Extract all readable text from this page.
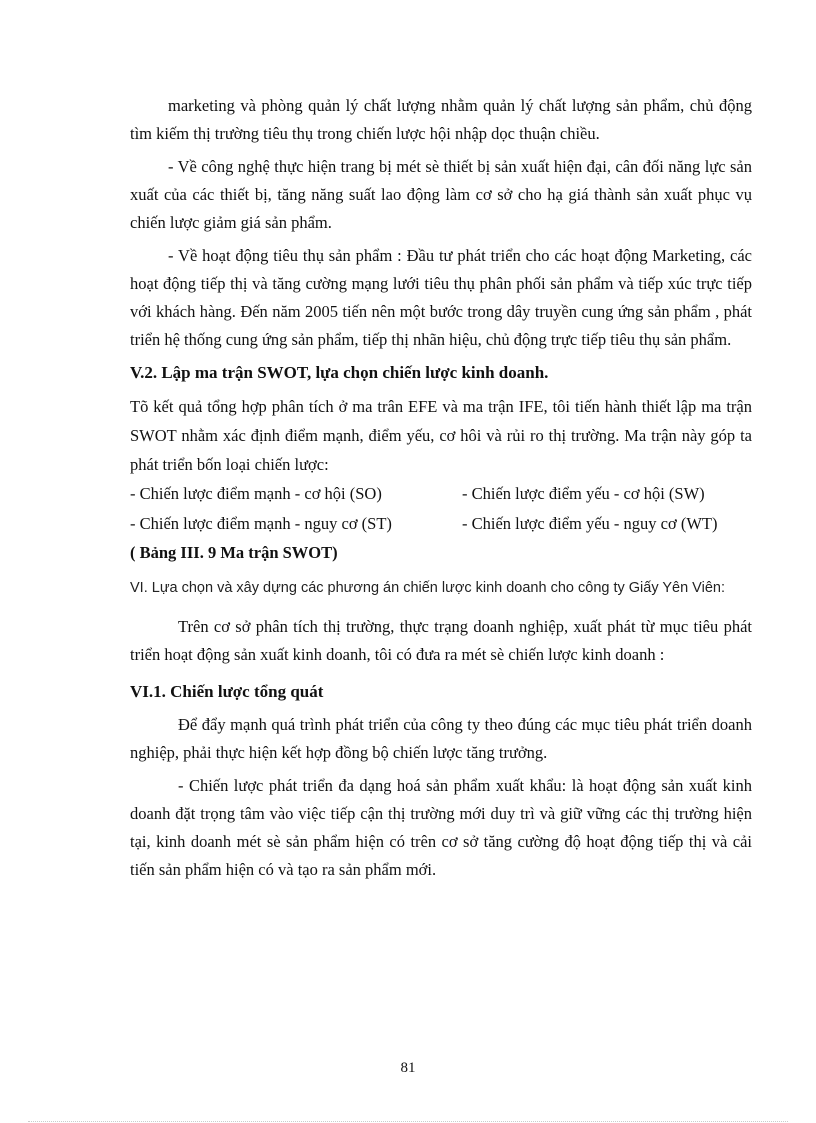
marketing và phòng quản lý chất lượng nhằm quản lý chất lượng sản phẩm, chủ động tìm kiếm thị trường tiêu thụ trong chiến lược hội nhập dọc thuận chiều.

- Về công nghệ thực hiện trang bị mét sè thiết bị sản xuất hiện đại, cân đối năng lực sản xuất của các thiết bị, tăng năng suất lao động làm cơ sở cho hạ giá thành sản xuất phục vụ chiến lược giảm giá sản phẩm.

- Về hoạt động tiêu thụ sản phẩm : Đầu tư phát triển cho các hoạt động Marketing, các hoạt động tiếp thị và tăng cường mạng lưới tiêu thụ phân phối sản phẩm và tiếp xúc trực tiếp với khách hàng. Đến năm 2005 tiến nên một bước trong dây truyền cung ứng sản phẩm , phát triển hệ thống cung ứng sản phẩm, tiếp thị nhãn hiệu, chủ động trực tiếp tiêu thụ sản phẩm.

V.2. Lập ma trận SWOT, lựa chọn chiến lược kinh doanh.

Tõ kết quả tổng hợp phân tích ở ma trân EFE và ma trận IFE, tôi tiến hành thiết lập ma trận SWOT nhằm xác định điểm mạnh, điểm yếu, cơ hôi và rủi ro thị trường. Ma trận này góp ta phát triển bốn loại chiến lược:

- Chiến lược điểm mạnh - cơ hội (SO)	- Chiến lược điểm yếu - cơ hội (SW)
- Chiến lược điểm mạnh - nguy cơ (ST)	- Chiến lược điểm yếu - nguy cơ (WT)

( Bảng III. 9 Ma trận SWOT)

VI. Lựa chọn và xây dựng các phương án chiến lược kinh doanh cho công ty Giấy Yên Viên:

Trên cơ sở phân tích thị trường, thực trạng doanh nghiệp, xuất phát từ mục tiêu phát triển hoạt động sản xuất kinh doanh, tôi có đưa ra mét sè chiến lược kinh doanh :

VI.1. Chiến lược tổng quát

Để đẩy mạnh quá trình phát triển của công ty theo đúng các mục tiêu phát triển doanh nghiệp, phải thực hiện kết hợp đồng bộ chiến lược tăng trưởng.

- Chiến lược phát triển đa dạng hoá sản phẩm xuất khẩu: là hoạt động sản xuất kinh doanh đặt trọng tâm vào việc tiếp cận thị trường mới duy trì và giữ vững các thị trường hiện tại, kinh doanh mét sè sản phẩm hiện có trên cơ sở tăng cường độ hoạt động tiếp thị và cải tiến sản phẩm hiện có và tạo ra sản phẩm mới.

81
